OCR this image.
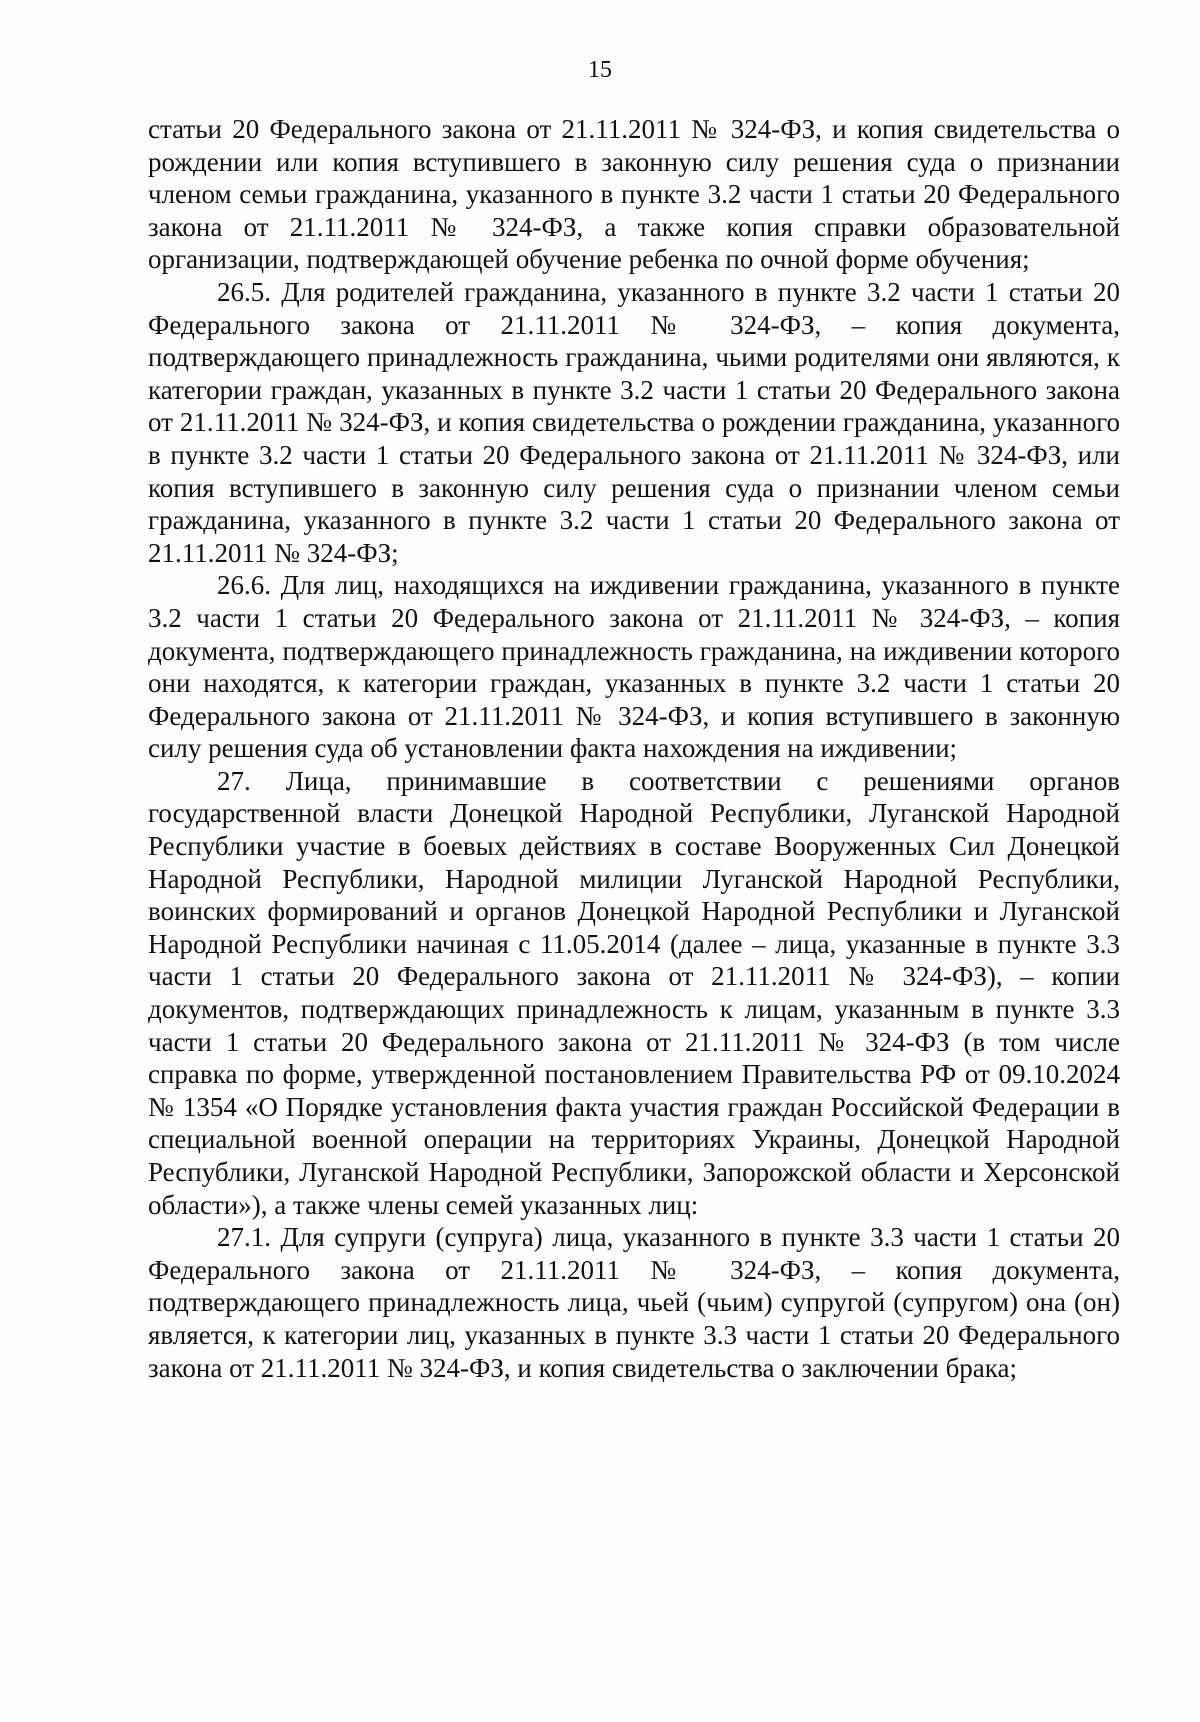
15

статьи 20 Федерального закона от 21.11.2011 № 324-ФЗ, и копия свидетельства о рождении или копия вступившего в законную силу решения суда о признании членом семьи гражданина, указанного в пункте 3.2 части 1 статьи 20 Федерального закона от 21.11.2011 № 324-ФЗ, а также копия справки образовательной организации, подтверждающей обучение ребенка по очной форме обучения;

26.5. Для родителей гражданина, указанного в пункте 3.2 части 1 статьи 20 Федерального закона от 21.11.2011 № 324-ФЗ, – копия документа, подтверждающего принадлежность гражданина, чьими родителями они являются, к категории граждан, указанных в пункте 3.2 части 1 статьи 20 Федерального закона от 21.11.2011 № 324-ФЗ, и копия свидетельства о рождении гражданина, указанного в пункте 3.2 части 1 статьи 20 Федерального закона от 21.11.2011 № 324-ФЗ, или копия вступившего в законную силу решения суда о признании членом семьи гражданина, указанного в пункте 3.2 части 1 статьи 20 Федерального закона от 21.11.2011 № 324-ФЗ;

26.6. Для лиц, находящихся на иждивении гражданина, указанного в пункте 3.2 части 1 статьи 20 Федерального закона от 21.11.2011 № 324-ФЗ, – копия документа, подтверждающего принадлежность гражданина, на иждивении которого они находятся, к категории граждан, указанных в пункте 3.2 части 1 статьи 20 Федерального закона от 21.11.2011 № 324-ФЗ, и копия вступившего в законную силу решения суда об установлении факта нахождения на иждивении;

27. Лица, принимавшие в соответствии с решениями органов государственной власти Донецкой Народной Республики, Луганской Народной Республики участие в боевых действиях в составе Вооруженных Сил Донецкой Народной Республики, Народной милиции Луганской Народной Республики, воинских формирований и органов Донецкой Народной Республики и Луганской Народной Республики начиная с 11.05.2014 (далее – лица, указанные в пункте 3.3 части 1 статьи 20 Федерального закона от 21.11.2011 № 324-ФЗ), – копии документов, подтверждающих принадлежность к лицам, указанным в пункте 3.3 части 1 статьи 20 Федерального закона от 21.11.2011 № 324-ФЗ (в том числе справка по форме, утвержденной постановлением Правительства РФ от 09.10.2024 № 1354 «О Порядке установления факта участия граждан Российской Федерации в специальной военной операции на территориях Украины, Донецкой Народной Республики, Луганской Народной Республики, Запорожской области и Херсонской области»), а также члены семей указанных лиц:

27.1. Для супруги (супруга) лица, указанного в пункте 3.3 части 1 статьи 20 Федерального закона от 21.11.2011 № 324-ФЗ, – копия документа, подтверждающего принадлежность лица, чьей (чьим) супругой (супругом) она (он) является, к категории лиц, указанных в пункте 3.3 части 1 статьи 20 Федерального закона от 21.11.2011 № 324-ФЗ, и копия свидетельства о заключении брака;
